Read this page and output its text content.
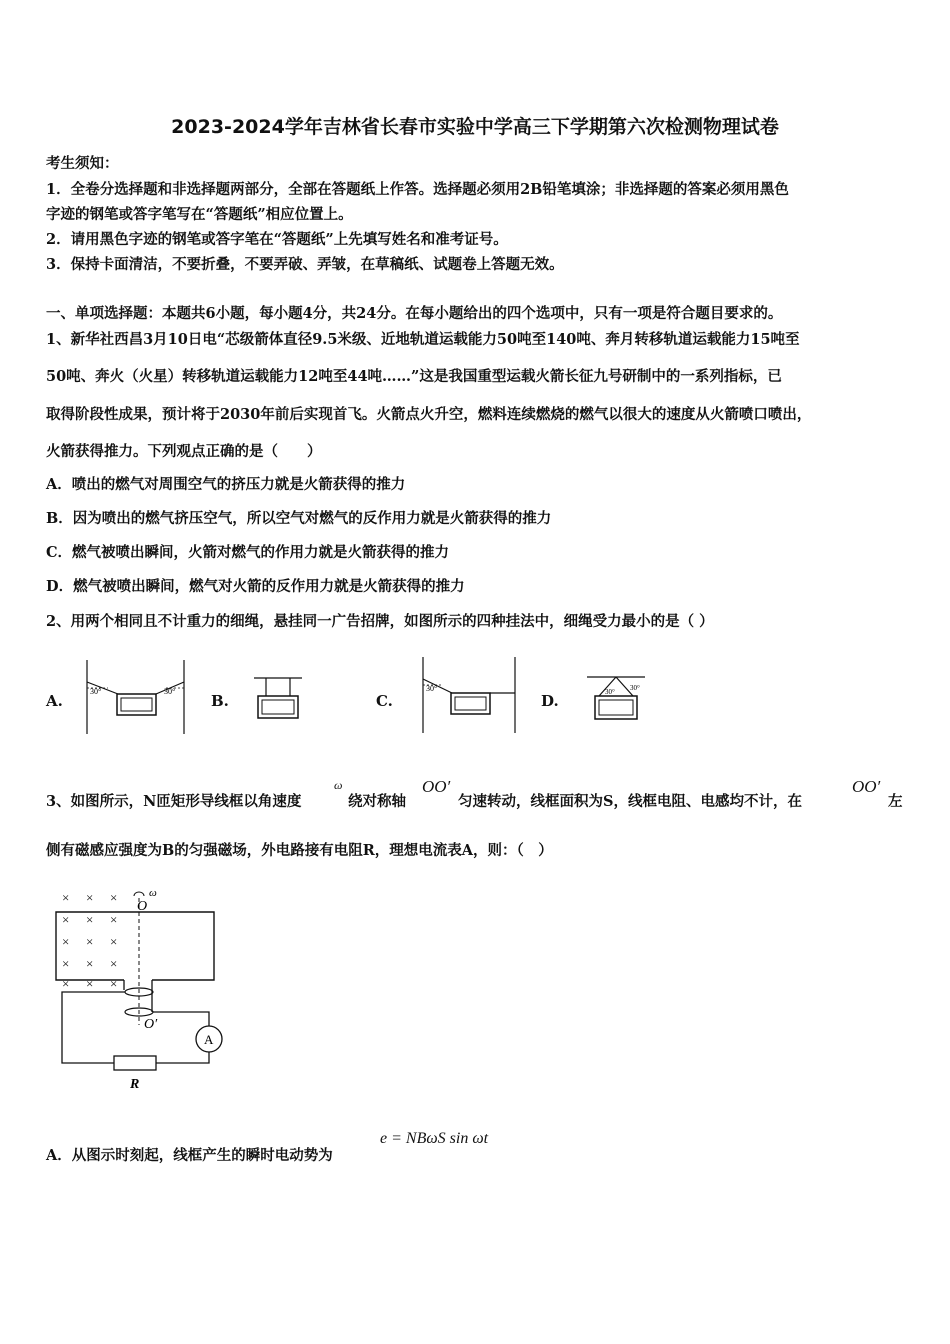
2023-2024学年吉林省长春市实验中学高三下学期第六次检测物理试卷
考生须知：
1．全卷分选择题和非选择题两部分，全部在答题纸上作答。选择题必须用2B铅笔填涂；非选择题的答案必须用黑色
字迹的钢笔或答字笔写在“答题纸”相应位置上。
2．请用黑色字迹的钢笔或答字笔在“答题纸”上先填写姓名和准考证号。
3．保持卡面清洁，不要折叠，不要弄破、弄皱，在草稿纸、试题卷上答题无效。
一、单项选择题：本题共6小题，每小题4分，共24分。在每小题给出的四个选项中，只有一项是符合题目要求的。
1、新华社西昌3月10日电“芯级箭体直径9.5米级、近地轨道运载能力50吨至140吨、奔月转移轨道运载能力15吨至
50吨、奔火（火星）转移轨道运载能力12吨至44吨……”这是我国重型运载火箭长征九号研制中的一系列指标，已
取得阶段性成果，预计将于2030年前后实现首飞。火箭点火升空，燃料连续燃烧的燃气以很大的速度从火箭喷口喷出，
火箭获得推力。下列观点正确的是（　　）
A．喷出的燃气对周围空气的挤压力就是火箭获得的推力
B．因为喷出的燃气挤压空气，所以空气对燃气的反作用力就是火箭获得的推力
C．燃气被喷出瞬间，火箭对燃气的作用力就是火箭获得的推力
D．燃气被喷出瞬间，燃气对火箭的反作用力就是火箭获得的推力
2、用两个相同且不计重力的细绳，悬挂同一广告招牌，如图所示的四种挂法中，细绳受力最小的是（ ）
A.
30°	30°
B.	C.
30°
D.	30° 30°
3、如图所示，N匝矩形导线框以角速度
ω
绕对称轴
OO′
匀速转动，线框面积为S，线框电阻、电感均不计，在
OO′
左
侧有磁感应强度为B的匀强磁场，外电路接有电阻R，理想电流表A，则：（　）
× × ×
× × ×
× × ×
× × ×
× × ×
O
ω
O′
A
R
A．从图示时刻起，线框产生的瞬时电动势为
e = NBωS sin ωt
